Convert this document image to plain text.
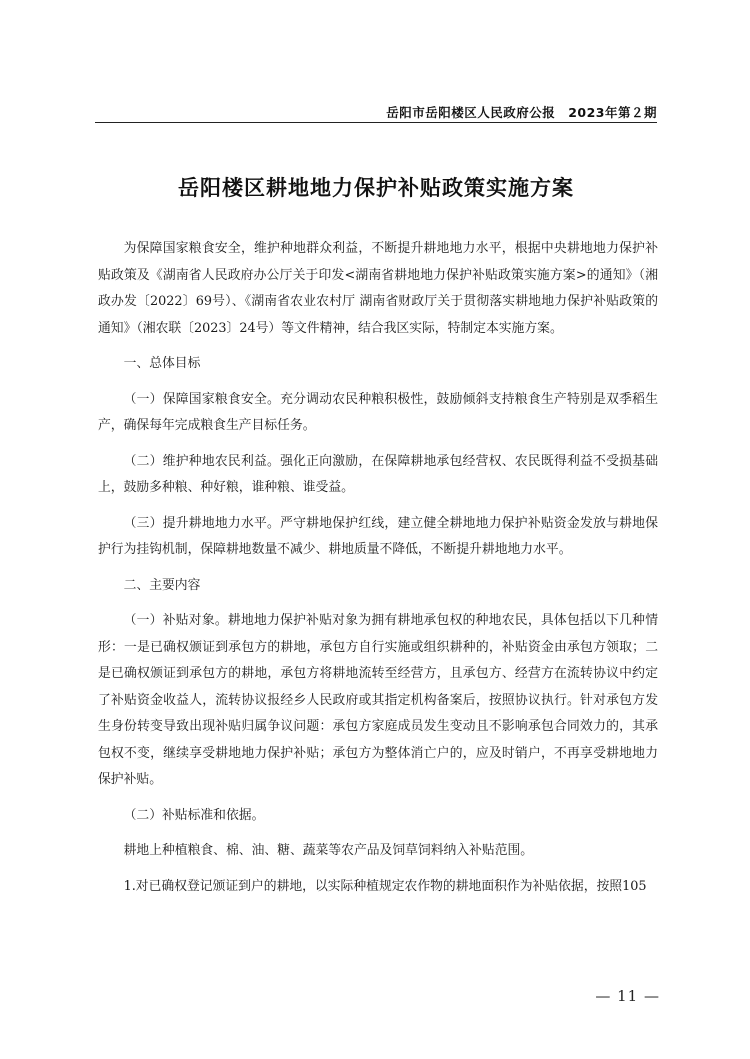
岳阳市岳阳楼区人民政府公报　2023年第２期
岳阳楼区耕地地力保护补贴政策实施方案

为保障国家粮食安全，维护种地群众利益，不断提升耕地地力水平，根据中央耕地地力保护补贴政策及《湖南省人民政府办公厅关于印发<湖南省耕地地力保护补贴政策实施方案>的通知》（湘政办发〔2022〕69号）、《湖南省农业农村厅 湖南省财政厅关于贯彻落实耕地地力保护补贴政策的通知》（湘农联〔2023〕24号）等文件精神，结合我区实际，特制定本实施方案。

一、总体目标

（一）保障国家粮食安全。充分调动农民种粮积极性，鼓励倾斜支持粮食生产特别是双季稻生产，确保每年完成粮食生产目标任务。

（二）维护种地农民利益。强化正向激励，在保障耕地承包经营权、农民既得利益不受损基础上，鼓励多种粮、种好粮，谁种粮、谁受益。

（三）提升耕地地力水平。严守耕地保护红线，建立健全耕地地力保护补贴资金发放与耕地保护行为挂钩机制，保障耕地数量不减少、耕地质量不降低，不断提升耕地地力水平。

二、主要内容

（一）补贴对象。耕地地力保护补贴对象为拥有耕地承包权的种地农民，具体包括以下几种情形：一是已确权颁证到承包方的耕地，承包方自行实施或组织耕种的，补贴资金由承包方领取；二是已确权颁证到承包方的耕地，承包方将耕地流转至经营方，且承包方、经营方在流转协议中约定了补贴资金收益人，流转协议报经乡人民政府或其指定机构备案后，按照协议执行。针对承包方发生身份转变导致出现补贴归属争议问题：承包方家庭成员发生变动且不影响承包合同效力的，其承包权不变，继续享受耕地地力保护补贴；承包方为整体消亡户的，应及时销户，不再享受耕地地力保护补贴。

（二）补贴标准和依据。

耕地上种植粮食、棉、油、糖、蔬菜等农产品及饲草饲料纳入补贴范围。

1.对已确权登记颁证到户的耕地，以实际种植规定农作物的耕地面积作为补贴依据，按照105

— 11 —
